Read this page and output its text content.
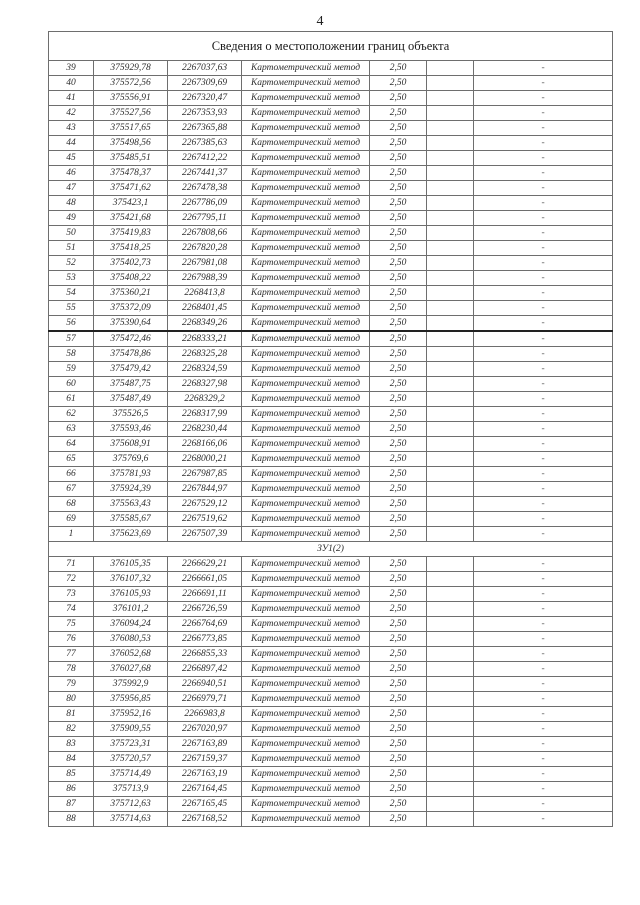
4
Сведения о местоположении границ объекта						
39	375929,78	2267037,63	Картометрический метод	2,50		-
40	375572,56	2267309,69	Картометрический метод	2,50		-
41	375556,91	2267320,47	Картометрический метод	2,50		-
42	375527,56	2267353,93	Картометрический метод	2,50		-
43	375517,65	2267365,88	Картометрический метод	2,50		-
44	375498,56	2267385,63	Картометрический метод	2,50		-
45	375485,51	2267412,22	Картометрический метод	2,50		-
46	375478,37	2267441,37	Картометрический метод	2,50		-
47	375471,62	2267478,38	Картометрический метод	2,50		-
48	375423,1	2267786,09	Картометрический метод	2,50		-
49	375421,68	2267795,11	Картометрический метод	2,50		-
50	375419,83	2267808,66	Картометрический метод	2,50		-
51	375418,25	2267820,28	Картометрический метод	2,50		-
52	375402,73	2267981,08	Картометрический метод	2,50		-
53	375408,22	2267988,39	Картометрический метод	2,50		-
54	375360,21	2268413,8	Картометрический метод	2,50		-
55	375372,09	2268401,45	Картометрический метод	2,50		-
56	375390,64	2268349,26	Картометрический метод	2,50		-
57	375472,46	2268333,21	Картометрический метод	2,50		-
58	375478,86	2268325,28	Картометрический метод	2,50		-
59	375479,42	2268324,59	Картометрический метод	2,50		-
60	375487,75	2268327,98	Картометрический метод	2,50		-
61	375487,49	2268329,2	Картометрический метод	2,50		-
62	375526,5	2268317,99	Картометрический метод	2,50		-
63	375593,46	2268230,44	Картометрический метод	2,50		-
64	375608,91	2268166,06	Картометрический метод	2,50		-
65	375769,6	2268000,21	Картометрический метод	2,50		-
66	375781,93	2267987,85	Картометрический метод	2,50		-
67	375924,39	2267844,97	Картометрический метод	2,50		-
68	375563,43	2267529,12	Картометрический метод	2,50		-
69	375585,67	2267519,62	Картометрический метод	2,50		-
1	375623,69	2267507,39	Картометрический метод	2,50		-
ЗУ1(2)						
71	376105,35	2266629,21	Картометрический метод	2,50		-
72	376107,32	2266661,05	Картометрический метод	2,50		-
73	376105,93	2266691,11	Картометрический метод	2,50		-
74	376101,2	2266726,59	Картометрический метод	2,50		-
75	376094,24	2266764,69	Картометрический метод	2,50		-
76	376080,53	2266773,85	Картометрический метод	2,50		-
77	376052,68	2266855,33	Картометрический метод	2,50		-
78	376027,68	2266897,42	Картометрический метод	2,50		-
79	375992,9	2266940,51	Картометрический метод	2,50		-
80	375956,85	2266979,71	Картометрический метод	2,50		-
81	375952,16	2266983,8	Картометрический метод	2,50		-
82	375909,55	2267020,97	Картометрический метод	2,50		-
83	375723,31	2267163,89	Картометрический метод	2,50		-
84	375720,57	2267159,37	Картометрический метод	2,50		-
85	375714,49	2267163,19	Картометрический метод	2,50		-
86	375713,9	2267164,45	Картометрический метод	2,50		-
87	375712,63	2267165,45	Картометрический метод	2,50		-
88	375714,63	2267168,52	Картометрический метод	2,50		-
